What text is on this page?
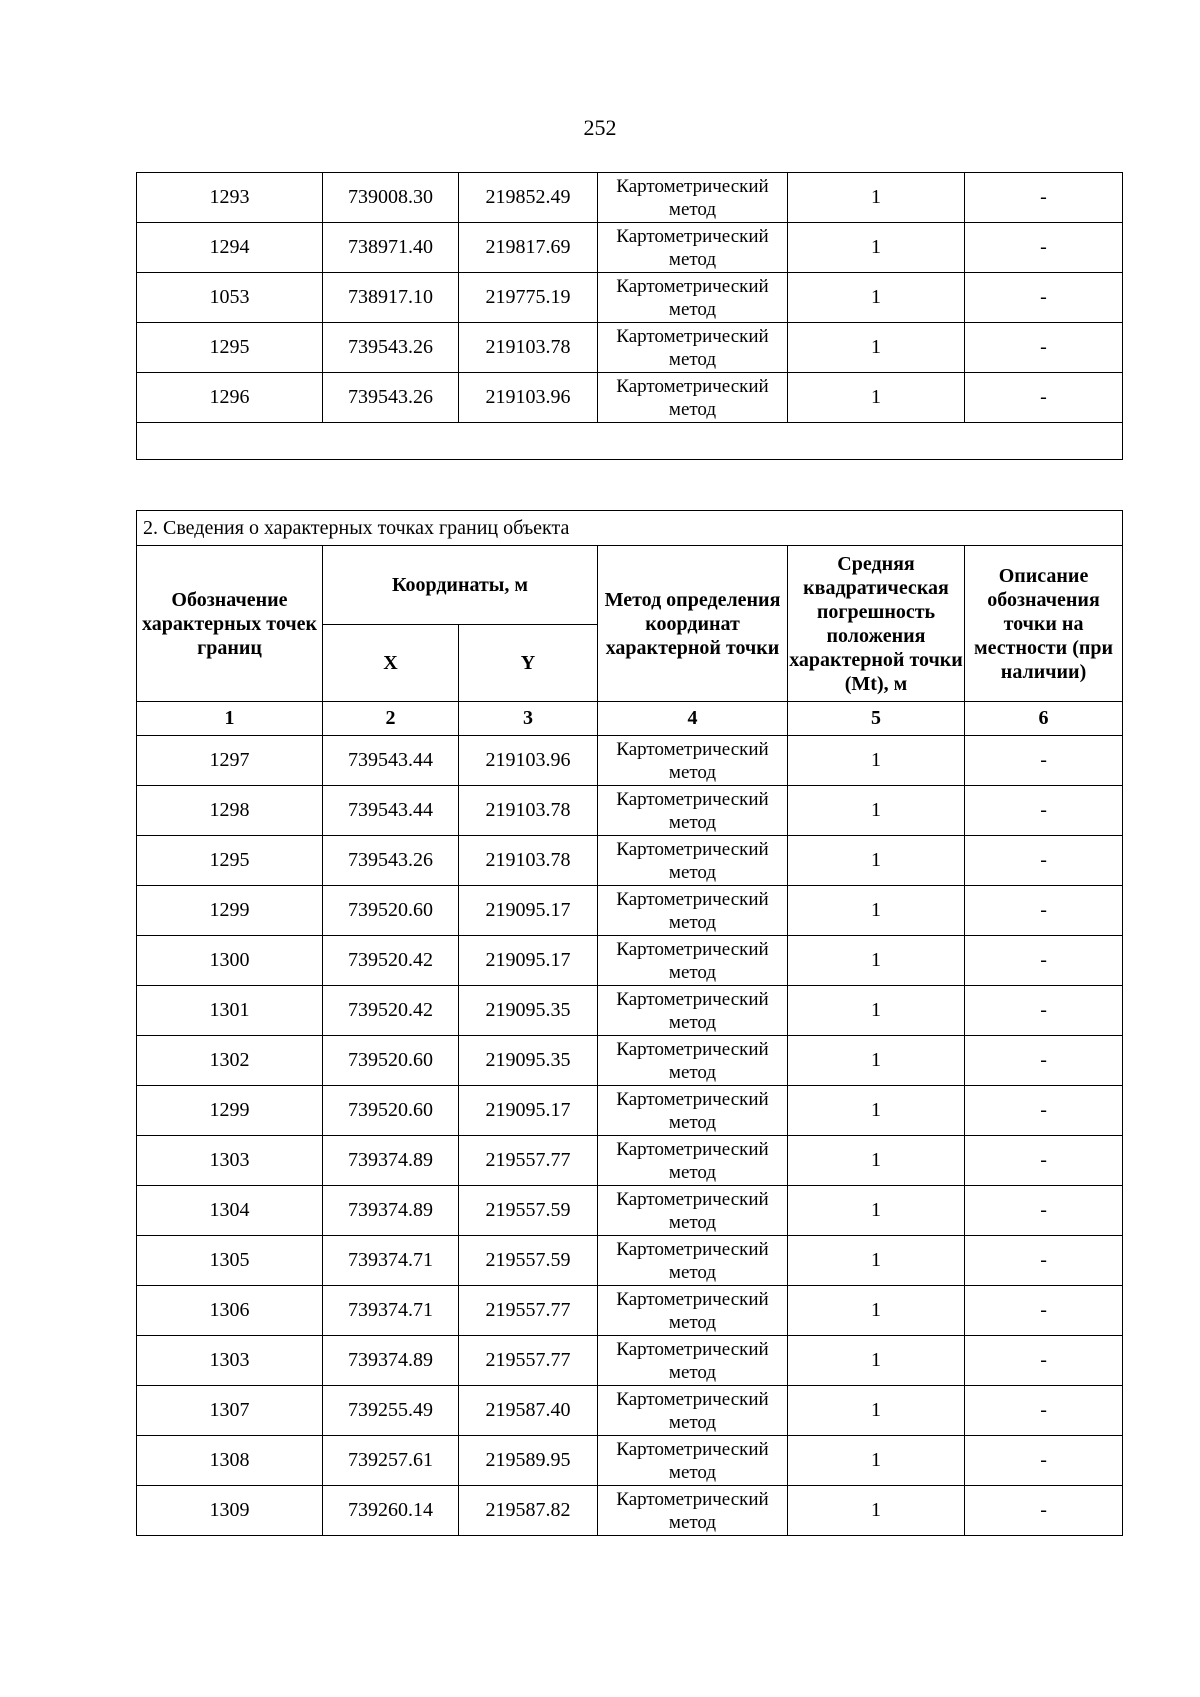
252
1293	739008.30	219852.49	Картометрический метод	1	-
1294	738971.40	219817.69	Картометрический метод	1	-
1053	738917.10	219775.19	Картометрический метод	1	-
1295	739543.26	219103.78	Картометрический метод	1	-
1296	739543.26	219103.96	Картометрический метод	1	-

2. Сведения о характерных точках границ объекта					
Обозначение характерных точек границ	Координаты, м		Метод определения координат характерной точки	Средняя квадратическая погрешность положения характерной точки (Mt), м	Описание обозначения точки на местности (при наличии)
	X	Y			
1	2	3	4	5	6
1297	739543.44	219103.96	Картометрический метод	1	-
1298	739543.44	219103.78	Картометрический метод	1	-
1295	739543.26	219103.78	Картометрический метод	1	-
1299	739520.60	219095.17	Картометрический метод	1	-
1300	739520.42	219095.17	Картометрический метод	1	-
1301	739520.42	219095.35	Картометрический метод	1	-
1302	739520.60	219095.35	Картометрический метод	1	-
1299	739520.60	219095.17	Картометрический метод	1	-
1303	739374.89	219557.77	Картометрический метод	1	-
1304	739374.89	219557.59	Картометрический метод	1	-
1305	739374.71	219557.59	Картометрический метод	1	-
1306	739374.71	219557.77	Картометрический метод	1	-
1303	739374.89	219557.77	Картометрический метод	1	-
1307	739255.49	219587.40	Картометрический метод	1	-
1308	739257.61	219589.95	Картометрический метод	1	-
1309	739260.14	219587.82	Картометрический метод	1	-
